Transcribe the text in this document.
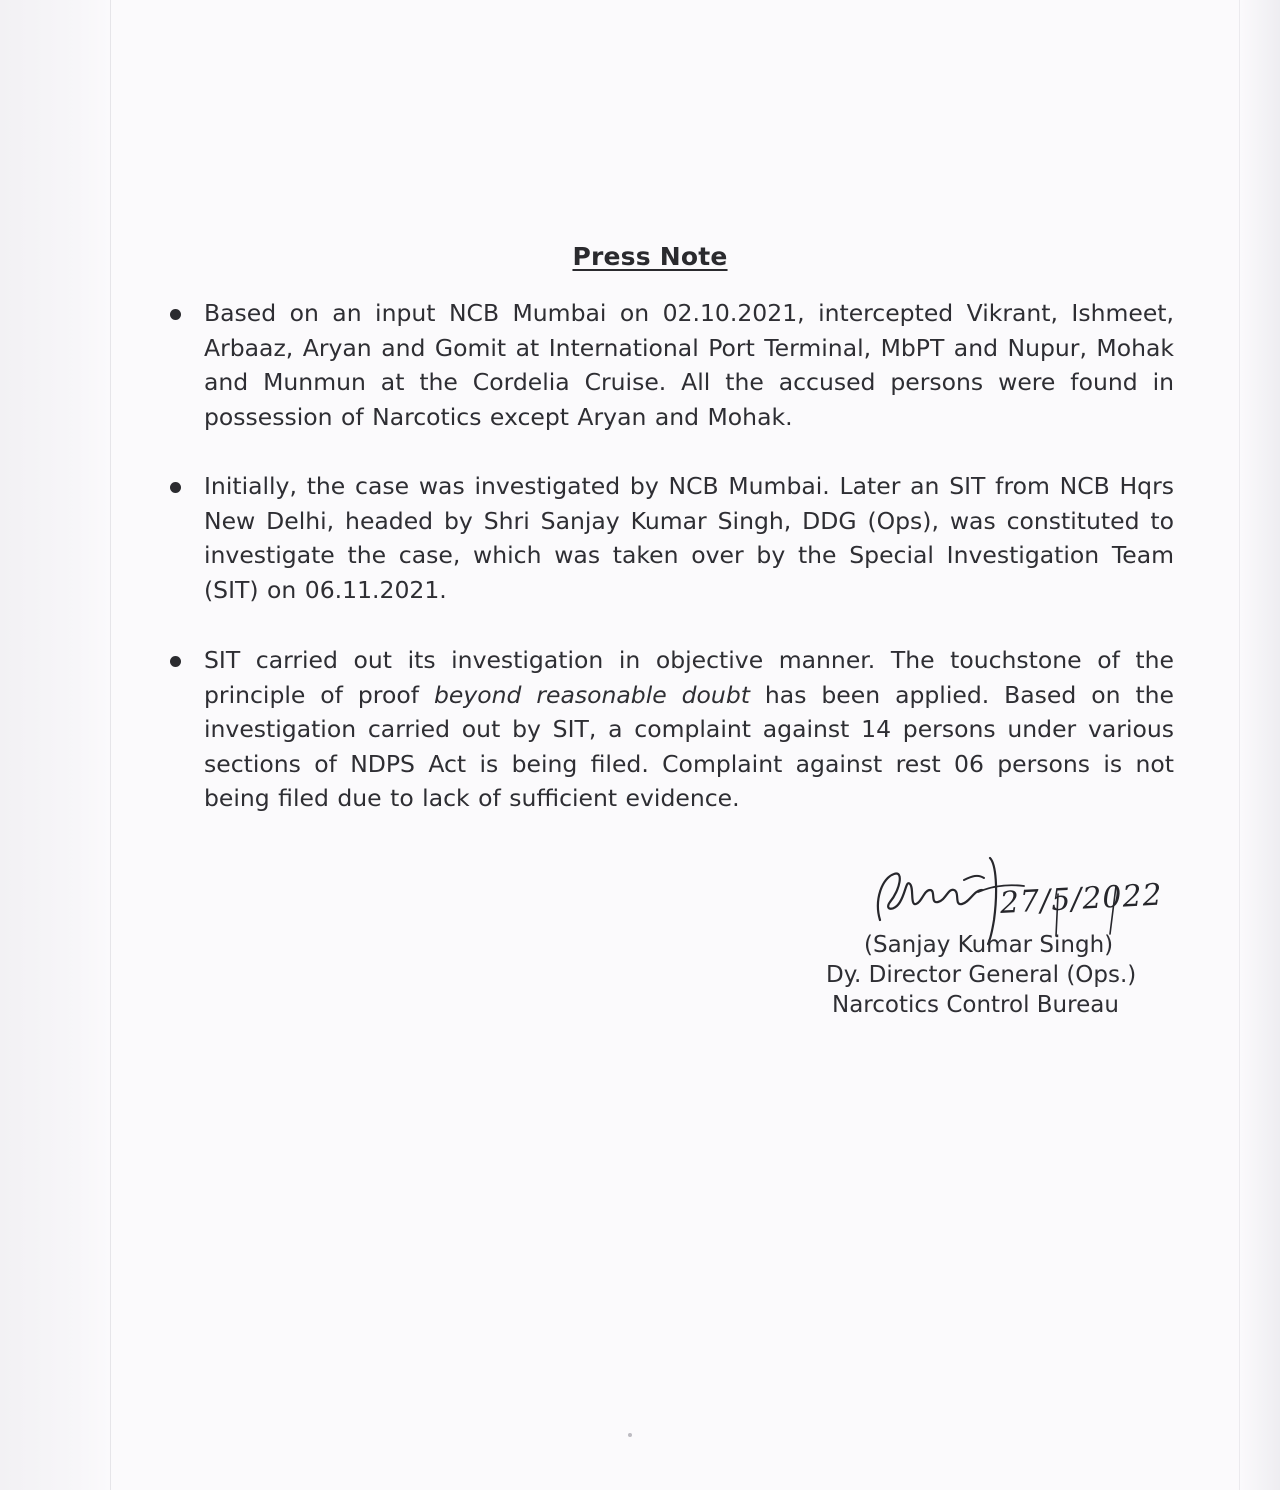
Press Note
Based on an input NCB Mumbai on 02.10.2021, intercepted Vikrant, Ishmeet, Arbaaz, Aryan and Gomit at International Port Terminal, MbPT and Nupur, Mohak and Munmun at the Cordelia Cruise. All the accused persons were found in possession of Narcotics except Aryan and Mohak.
Initially, the case was investigated by NCB Mumbai. Later an SIT from NCB Hqrs New Delhi, headed by Shri Sanjay Kumar Singh, DDG (Ops), was constituted to investigate the case, which was taken over by the Special Investigation Team (SIT) on 06.11.2021.
SIT carried out its investigation in objective manner. The touchstone of the principle of proof beyond reasonable doubt has been applied. Based on the investigation carried out by SIT, a complaint against 14 persons under various sections of NDPS Act is being filed. Complaint against rest 06 persons is not being filed due to lack of sufficient evidence.
27/5/2022
(Sanjay Kumar Singh)
Dy. Director General (Ops.)
Narcotics Control Bureau
